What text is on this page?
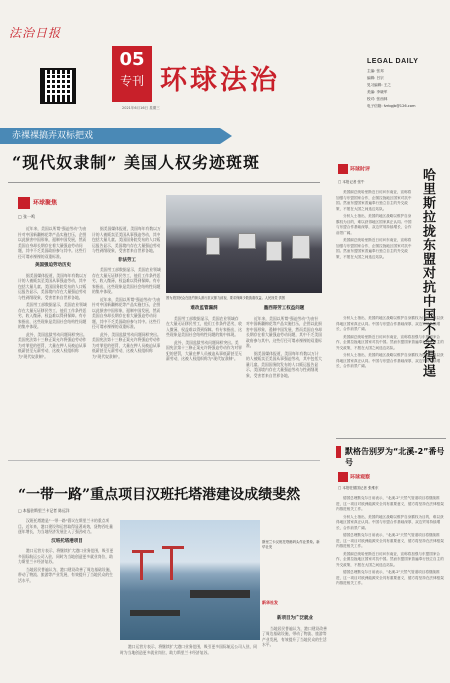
法治日报
05
专刊 环球法治
2021年6月16日 星期三
LEGAL DAILY
主编: 张邦
编辑: 吕宗
见习编辑: 王之
美编: 李晓军
校对: 张西林
电子信箱: fzrbgjb@126.com
赤裸裸搞弄双标把戏
“现代奴隶制” 美国人权劣迹斑斑
环球聚焦
□ 张一鸣

近年来，美国以所谓"强迫劳动"为由针对中国新疆棉花等产品实施打压，企图以此损害中国形象，遏制中国发展，然而美国自身却长期存在着大量强迫劳动问题，其中不乏美国政府参与其中。这些行径可谓赤裸裸的双重标准。

美国强迫劳动历史

据美国媒体报道，美国每年有数以万计的人被贩卖至美国从事强迫劳动，其中包括大量儿童。美国国务院发布的人口贩运报告显示，美国境内存在大量强迫劳动与性剥削现象，受害者来自世界各地。

美国劳工部数据显示，美国农业领域存在大量无证移民劳工，他们工作条件恶劣，收入微薄，权益难以得到保障。有专家指出，这些现象是美国社会结构性问题的集中体现。

此外，美国监狱劳动问题同样突出。美国宪法第十三修正案允许将强迫劳动作为对罪犯的惩罚，大量在押人员被迫从事低薪甚至无薪劳动，这被人权组织称为"现代奴隶制"。

据美国媒体报道，美国每年有数以万计的人被贩卖至美国从事强迫劳动，其中包括大量儿童。美国国务院发布的人口贩运报告显示，美国境内存在大量强迫劳动与性剥削现象，受害者来自世界各地。

非法劳工

美国劳工部数据显示，美国农业领域存在大量无证移民劳工，他们工作条件恶劣，收入微薄，权益难以得到保障。有专家指出，这些现象是美国社会结构性问题的集中体现。

近年来，美国以所谓"强迫劳动"为由针对中国新疆棉花等产品实施打压，企图以此损害中国形象，遏制中国发展，然而美国自身却长期存在着大量强迫劳动问题，其中不乏美国政府参与其中。这些行径可谓赤裸裸的双重标准。

此外，美国监狱劳动问题同样突出。美国宪法第十三修正案允许将强迫劳动作为对罪犯的惩罚，大量在押人员被迫从事低薪甚至无薪劳动，这被人权组织称为"现代奴隶制"。

难改监管漏洞

美国劳工部数据显示，美国农业领域存在大量无证移民劳工，他们工作条件恶劣，收入微薄，权益难以得到保障。有专家指出，这些现象是美国社会结构性问题的集中体现。

此外，美国监狱劳动问题同样突出。美国宪法第十三修正案允许将强迫劳动作为对罪犯的惩罚，大量在押人员被迫从事低薪甚至无薪劳动，这被人权组织称为"现代奴隶制"。

墨西哥劳工权益问题

近年来，美国以所谓"强迫劳动"为由针对中国新疆棉花等产品实施打压，企图以此损害中国形象，遏制中国发展，然而美国自身却长期存在着大量强迫劳动问题，其中不乏美国政府参与其中。这些行径可谓赤裸裸的双重标准。

据美国媒体报道，美国每年有数以万计的人被贩卖至美国从事强迫劳动，其中包括大量儿童。美国国务院发布的人口贩运报告显示，美国境内存在大量强迫劳动与性剥削现象，受害者来自世界各地。

图为美国民众在纽约街头游行抗议暴力歧视，要求保障少数族裔权益。人民视觉 供图
环球时评
□ 本报记者 张牛	哈里斯拉拢东盟对抗中国不会得逞

美国副总统哈里斯近日访问东南亚，宣称将加强与东盟国家合作，企图拉拢地区国家对抗中国。然而东盟国家普遍奉行独立自主的外交政策，不愿在大国之间选边站队。

分析人士指出，美国的地区战略以维护自身霸权为目的，难以获得地区国家真正认同。中国与东盟合作基础深厚，双边贸易持续增长，合作前景广阔。

美国副总统哈里斯近日访问东南亚，宣称将加强与东盟国家合作，企图拉拢地区国家对抗中国。然而东盟国家普遍奉行独立自主的外交政策，不愿在大国之间选边站队。

分析人士指出，美国的地区战略以维护自身霸权为目的，难以获得地区国家真正认同。中国与东盟合作基础深厚，双边贸易持续增长，合作前景广阔。

美国副总统哈里斯近日访问东南亚，宣称将加强与东盟国家合作，企图拉拢地区国家对抗中国。然而东盟国家普遍奉行独立自主的外交政策，不愿在大国之间选边站队。

分析人士指出，美国的地区战略以维护自身霸权为目的，难以获得地区国家真正认同。中国与东盟合作基础深厚，双边贸易持续增长，合作前景广阔。

默格告别罗为“北溪-2”番号号
环球观察
□ 本报驻德国记者 张维东

德国总理默克尔日前表示，"北溪-2"天然气管道项目将继续推进，这一项目对欧洲能源安全具有重要意义，德方将坚持在法律框架内推进相关工作。

分析人士指出，美国的地区战略以维护自身霸权为目的，难以获得地区国家真正认同。中国与东盟合作基础深厚，双边贸易持续增长，合作前景广阔。

德国总理默克尔日前表示，"北溪-2"天然气管道项目将继续推进，这一项目对欧洲能源安全具有重要意义，德方将坚持在法律框架内推进相关工作。

美国副总统哈里斯近日访问东南亚，宣称将加强与东盟国家合作，企图拉拢地区国家对抗中国。然而东盟国家普遍奉行独立自主的外交政策，不愿在大国之间选边站队。

德国总理默克尔日前表示，"北溪-2"天然气管道项目将继续推进，这一项目对欧洲能源安全具有重要意义，德方将坚持在法律框架内推进相关工作。

“一带一路”重点项目汉班托塔港建设成绩斐然
□ 本报驻斯里兰卡记者 陈远洋

汉班托塔港是"一带一路"倡议在斯里兰卡的重点项目。近年来，港口建设和运营取得显著成效，货物吞吐量逐年增长，为当地经济发展注入了强劲动力。

汉班托塔港项目

港口运营方表示，将继续扩大港口业务范围，吸引更多国际航运公司入驻，同时为当地创造更多就业岗位，助力斯里兰卡经济复苏。

当地居民普遍认为，港口建设改善了周边基础设施，带动了物流、旅游等产业发展，有效提升了当地民众的生活水平。

斯里兰卡汉班托塔港码头作业景象。新华社发
新华社发

港口运营方表示，将继续扩大港口业务范围，吸引更多国际航运公司入驻，同时为当地创造更多就业岗位，助力斯里兰卡经济复苏。

新项目为广泛就业

当地居民普遍认为，港口建设改善了周边基础设施，带动了物流、旅游等产业发展，有效提升了当地民众的生活水平。
